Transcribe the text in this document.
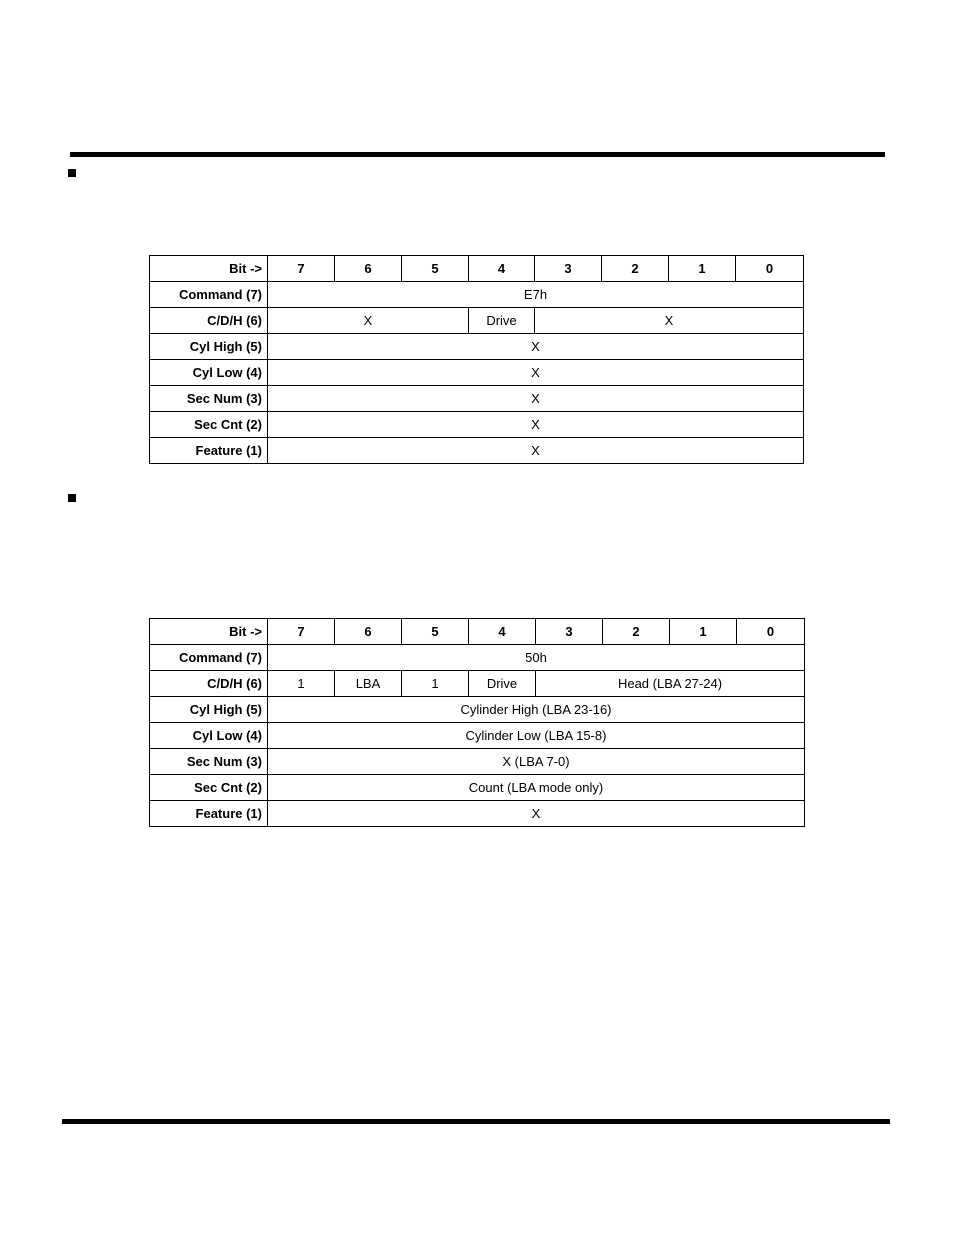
Bit ->	7	6	5	4	3	2	1	0
Command (7)	E7h							
C/D/H (6)	X			Drive	X			
Cyl High (5)	X							
Cyl Low (4)	X							
Sec Num (3)	X							
Sec Cnt (2)	X							
Feature (1)	X							
Bit ->	7	6	5	4	3	2	1	0
Command (7)	50h							
C/D/H (6)	1	LBA	1	Drive	Head (LBA 27-24)			
Cyl High (5)	Cylinder High (LBA 23-16)							
Cyl Low (4)	Cylinder Low (LBA 15-8)							
Sec Num (3)	X (LBA 7-0)							
Sec Cnt (2)	Count (LBA mode only)							
Feature (1)	X							
